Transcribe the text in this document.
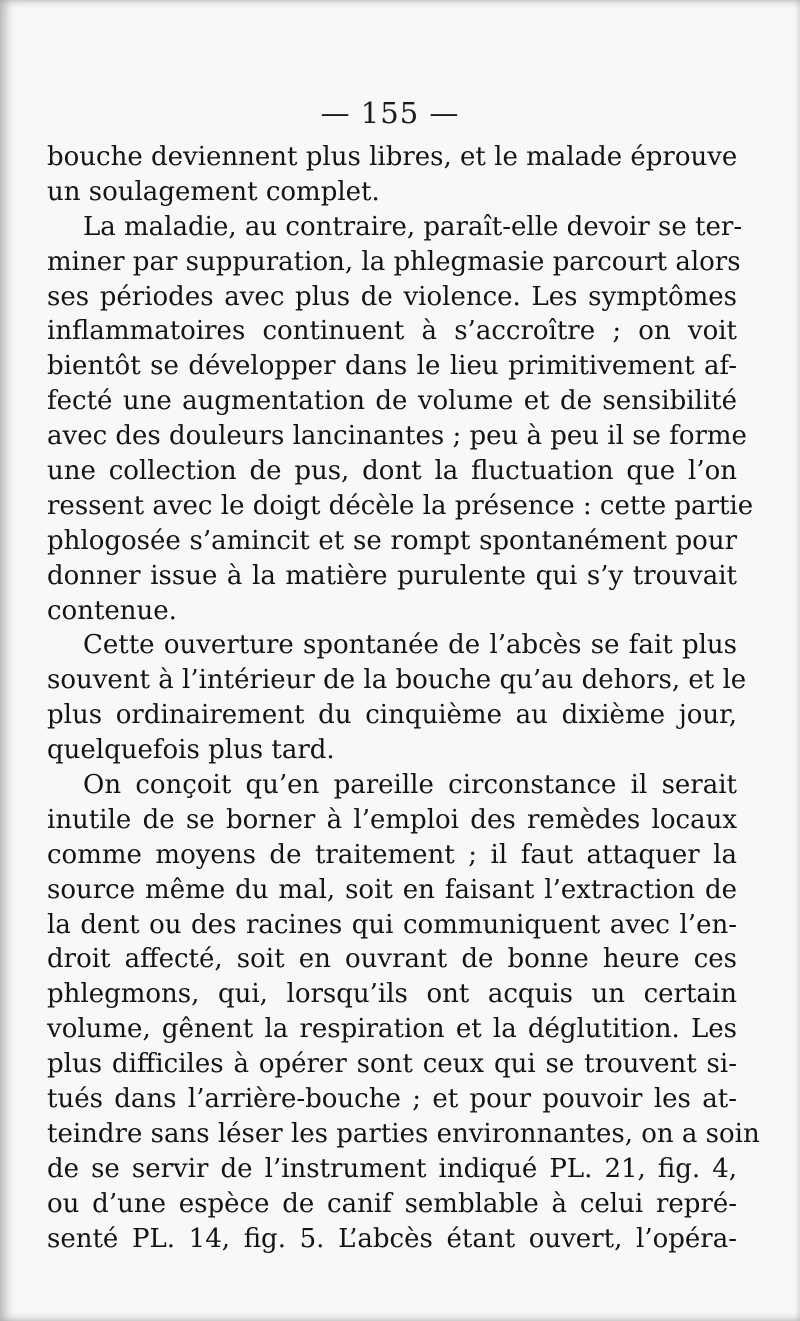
— 155 —
bouche deviennent plus libres, et le malade éprouve
un soulagement complet.
La maladie, au contraire, paraît-elle devoir se ter-
miner par suppuration, la phlegmasie parcourt alors
ses périodes avec plus de violence. Les symptômes
inflammatoires continuent à s’accroître ; on voit
bientôt se développer dans le lieu primitivement af-
fecté une augmentation de volume et de sensibilité
avec des douleurs lancinantes ; peu à peu il se forme
une collection de pus, dont la fluctuation que l’on
ressent avec le doigt décèle la présence : cette partie
phlogosée s’amincit et se rompt spontanément pour
donner issue à la matière purulente qui s’y trouvait
contenue.
Cette ouverture spontanée de l’abcès se fait plus
souvent à l’intérieur de la bouche qu’au dehors, et le
plus ordinairement du cinquième au dixième jour,
quelquefois plus tard.
On conçoit qu’en pareille circonstance il serait
inutile de se borner à l’emploi des remèdes locaux
comme moyens de traitement ; il faut attaquer la
source même du mal, soit en faisant l’extraction de
la dent ou des racines qui communiquent avec l’en-
droit affecté, soit en ouvrant de bonne heure ces
phlegmons, qui, lorsqu’ils ont acquis un certain
volume, gênent la respiration et la déglutition. Les
plus difficiles à opérer sont ceux qui se trouvent si-
tués dans l’arrière-bouche ; et pour pouvoir les at-
teindre sans léser les parties environnantes, on a soin
de se servir de l’instrument indiqué PL. 21, fig. 4,
ou d’une espèce de canif semblable à celui repré-
senté PL. 14, fig. 5. L’abcès étant ouvert, l’opéra-
